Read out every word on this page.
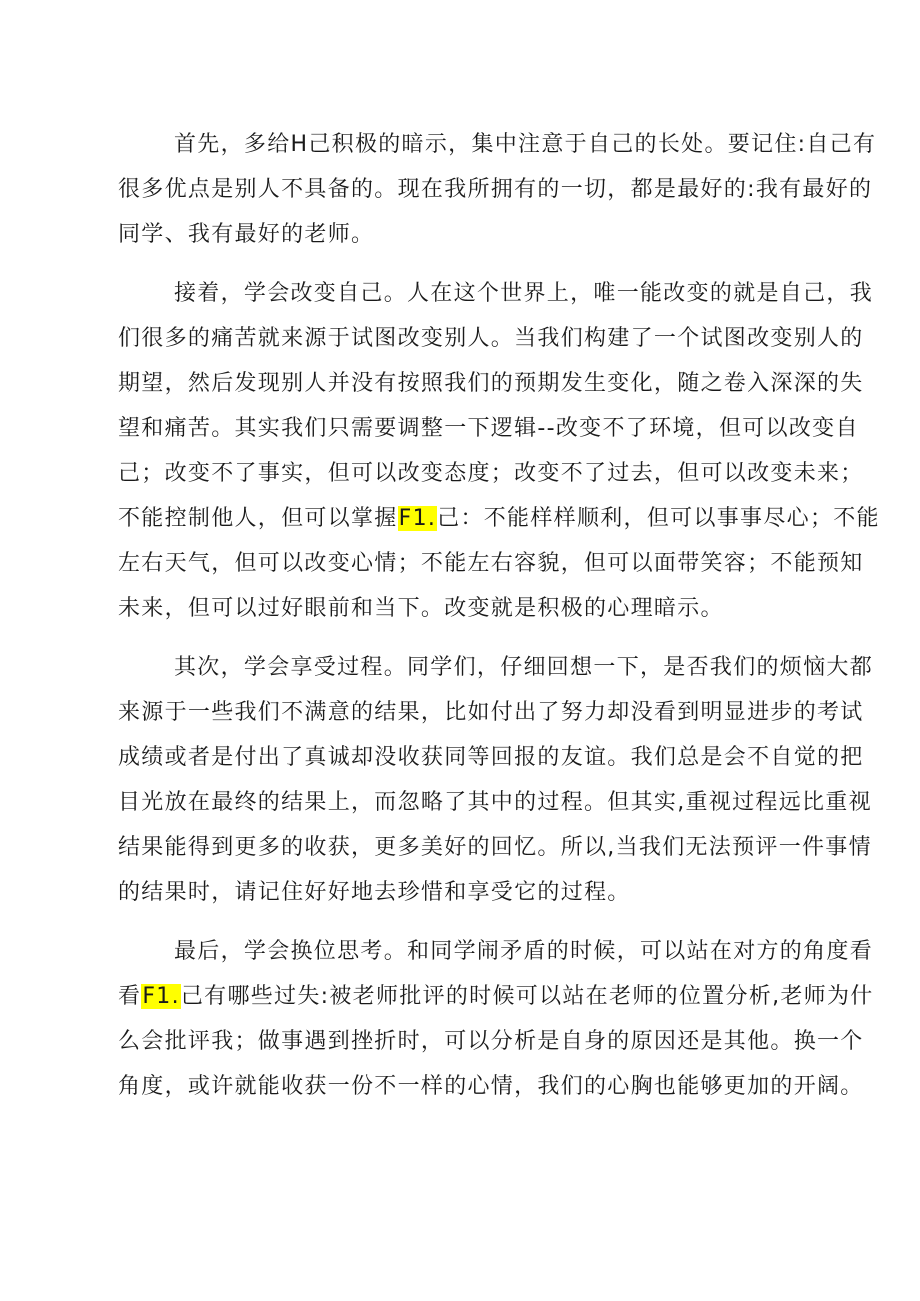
首先，多给H己积极的暗示，集中注意于自己的长处。要记住:自己有
很多优点是别人不具备的。现在我所拥有的一切，都是最好的:我有最好的
同学、我有最好的老师。

接着，学会改变自己。人在这个世界上，唯一能改变的就是自己，我
们很多的痛苦就来源于试图改变别人。当我们构建了一个试图改变别人的
期望，然后发现别人并没有按照我们的预期发生变化，随之卷入深深的失
望和痛苦。其实我们只需要调整一下逻辑--改变不了环境，但可以改变自
己；改变不了事实，但可以改变态度；改变不了过去，但可以改变未来；
不能控制他人，但可以掌握F1.己：不能样样顺利，但可以事事尽心；不能
左右天气，但可以改变心情；不能左右容貌，但可以面带笑容；不能预知
未来，但可以过好眼前和当下。改变就是积极的心理暗示。

其次，学会享受过程。同学们，仔细回想一下，是否我们的烦恼大都
来源于一些我们不满意的结果，比如付出了努力却没看到明显进步的考试
成绩或者是付出了真诚却没收获同等回报的友谊。我们总是会不自觉的把
目光放在最终的结果上，而忽略了其中的过程。但其实,重视过程远比重视
结果能得到更多的收获，更多美好的回忆。所以,当我们无法预评一件事情
的结果时，请记住好好地去珍惜和享受它的过程。

最后，学会换位思考。和同学闹矛盾的时候，可以站在对方的角度看
看F1.己有哪些过失:被老师批评的时候可以站在老师的位置分析,老师为什
么会批评我；做事遇到挫折时，可以分析是自身的原因还是其他。换一个
角度，或许就能收获一份不一样的心情，我们的心胸也能够更加的开阔。
